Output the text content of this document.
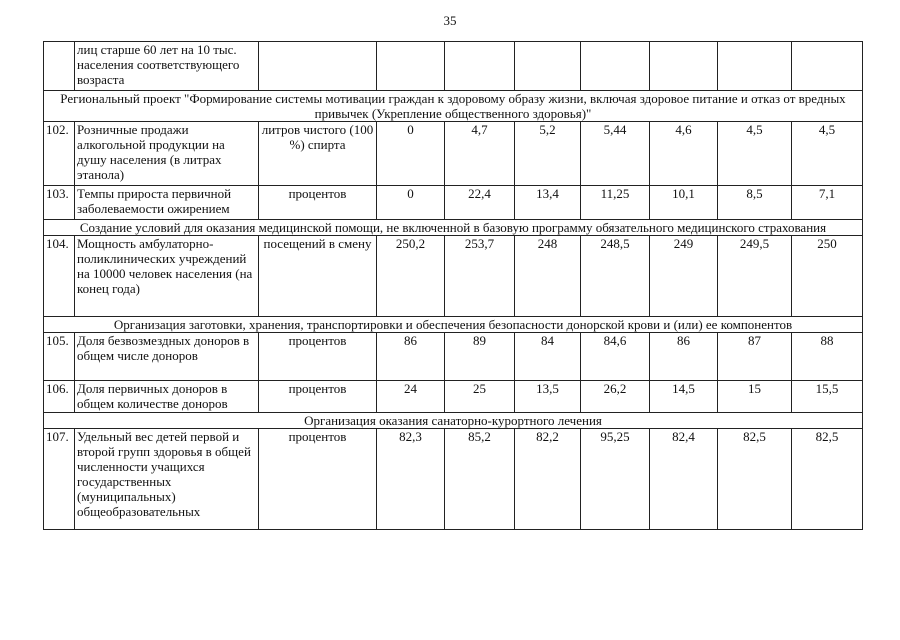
35
	лиц старше 60 лет на 10 тыс. населения соответствующего возраста								
Региональный проект "Формирование системы мотивации граждан к здоровому образу жизни, включая здоровое питание и отказ от вредных привычек (Укрепление общественного здоровья)"									
102.	Розничные продажи алкогольной продукции на душу населения (в литрах этанола)	литров чистого (100 %) спирта	0	4,7	5,2	5,44	4,6	4,5	4,5
103.	Темпы прироста первичной заболеваемости ожирением	процентов	0	22,4	13,4	11,25	10,1	8,5	7,1
Создание условий для оказания медицинской помощи, не включенной в базовую программу обязательного медицинского страхования									
104.	Мощность амбулаторно-поликлинических учреждений на 10000 человек населения (на конец года)	посещений в смену	250,2	253,7	248	248,5	249	249,5	250
Организация заготовки, хранения, транспортировки и обеспечения безопасности донорской крови и (или) ее компонентов									
105.	Доля безвозмездных доноров в общем числе доноров	процентов	86	89	84	84,6	86	87	88
106.	Доля первичных доноров в общем количестве доноров	процентов	24	25	13,5	26,2	14,5	15	15,5
Организация оказания санаторно-курортного лечения									
107.	Удельный вес детей первой и второй групп здоровья в общей численности учащихся государственных (муниципальных) общеобразовательных	процентов	82,3	85,2	82,2	95,25	82,4	82,5	82,5
